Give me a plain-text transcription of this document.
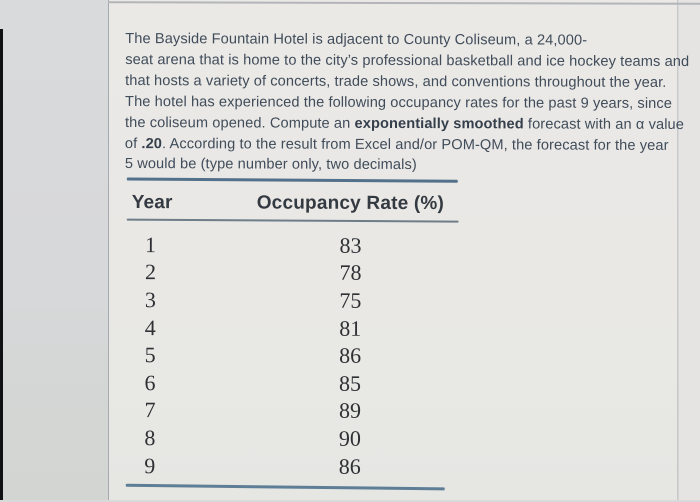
The Bayside Fountain Hotel is adjacent to County Coliseum, a 24,000-
seat arena that is home to the city’s professional basketball and ice hockey teams and
that hosts a variety of concerts, trade shows, and conventions throughout the year.
The hotel has experienced the following occupancy rates for the past 9 years, since
the coliseum opened. Compute an exponentially smoothed forecast with an α value
of .20. According to the result from Excel and/or POM-QM, the forecast for the year
5 would be (type number only, two decimals)
Year	Occupancy Rate (%)
1	83
2	78
3	75
4	81
5	86
6	85
7	89
8	90
9	86
